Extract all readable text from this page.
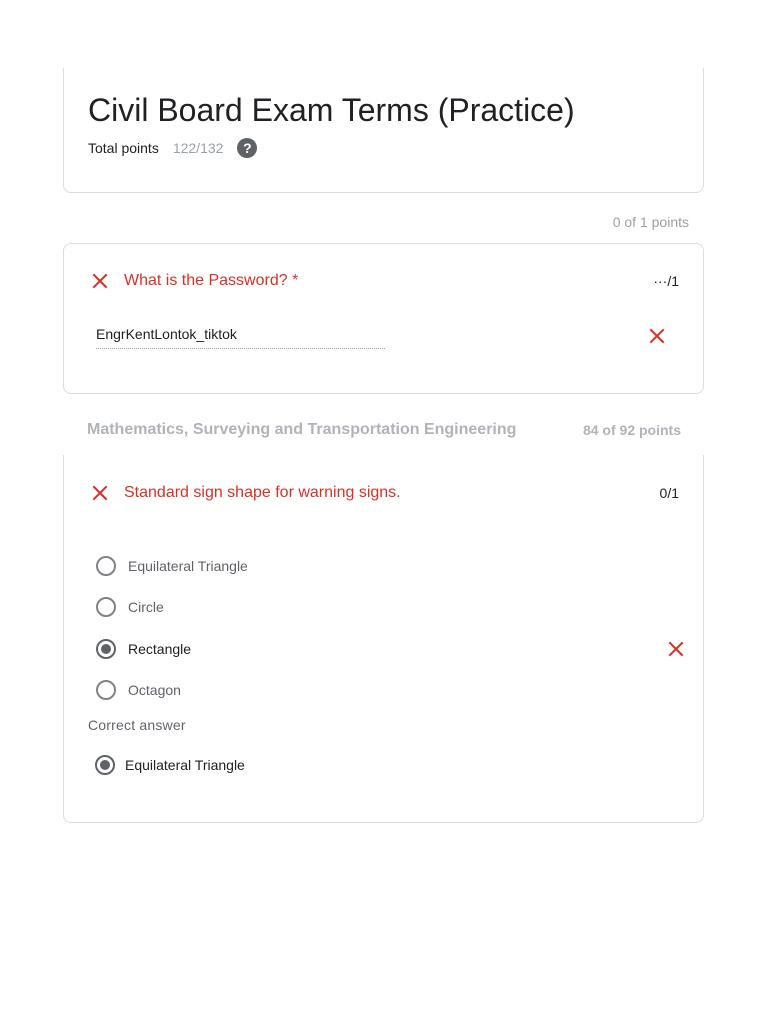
Civil Board Exam Terms (Practice)
Total points 122/132	?
0 of 1 points
What is the Password? *	···/1
EngrKentLontok_tiktok
Mathematics, Surveying and Transportation Engineering	84 of 92 points
Standard sign shape for warning signs.	0/1
Equilateral Triangle
Circle
Rectangle
Octagon
Correct answer
Equilateral Triangle
